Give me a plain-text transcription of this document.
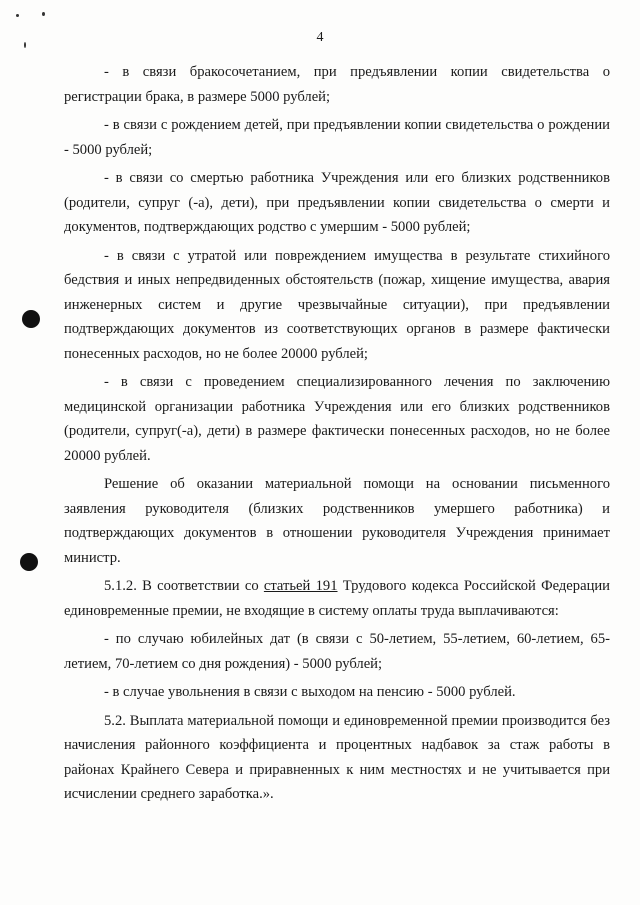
4

- в связи бракосочетанием, при предъявлении копии свидетельства о регистрации брака, в размере 5000 рублей;

- в связи с рождением детей, при предъявлении копии свидетельства о рождении - 5000 рублей;

- в связи со смертью работника Учреждения или его близких родственников (родители, супруг (-а), дети), при предъявлении копии свидетельства о смерти и документов, подтверждающих родство с умершим - 5000 рублей;

- в связи с утратой или повреждением имущества в результате стихийного бедствия и иных непредвиденных обстоятельств (пожар, хищение имущества, авария инженерных систем и другие чрезвычайные ситуации), при предъявлении подтверждающих документов из соответствующих органов в размере фактически понесенных расходов, но не более 20000 рублей;

- в связи с проведением специализированного лечения по заключению медицинской организации работника Учреждения или его близких родственников (родители, супруг(-а), дети) в размере фактически понесенных расходов, но не более 20000 рублей.

Решение об оказании материальной помощи на основании письменного заявления руководителя (близких родственников умершего работника) и подтверждающих документов в отношении руководителя Учреждения принимает министр.

5.1.2. В соответствии со статьей 191 Трудового кодекса Российской Федерации единовременные премии, не входящие в систему оплаты труда выплачиваются:

- по случаю юбилейных дат (в связи с 50-летием, 55-летием, 60-летием, 65-летием, 70-летием со дня рождения) - 5000 рублей;

- в случае увольнения в связи с выходом на пенсию - 5000 рублей.

5.2. Выплата материальной помощи и единовременной премии производится без начисления районного коэффициента и процентных надбавок за стаж работы в районах Крайнего Севера и приравненных к ним местностях и не учитывается при исчислении среднего заработка.».
